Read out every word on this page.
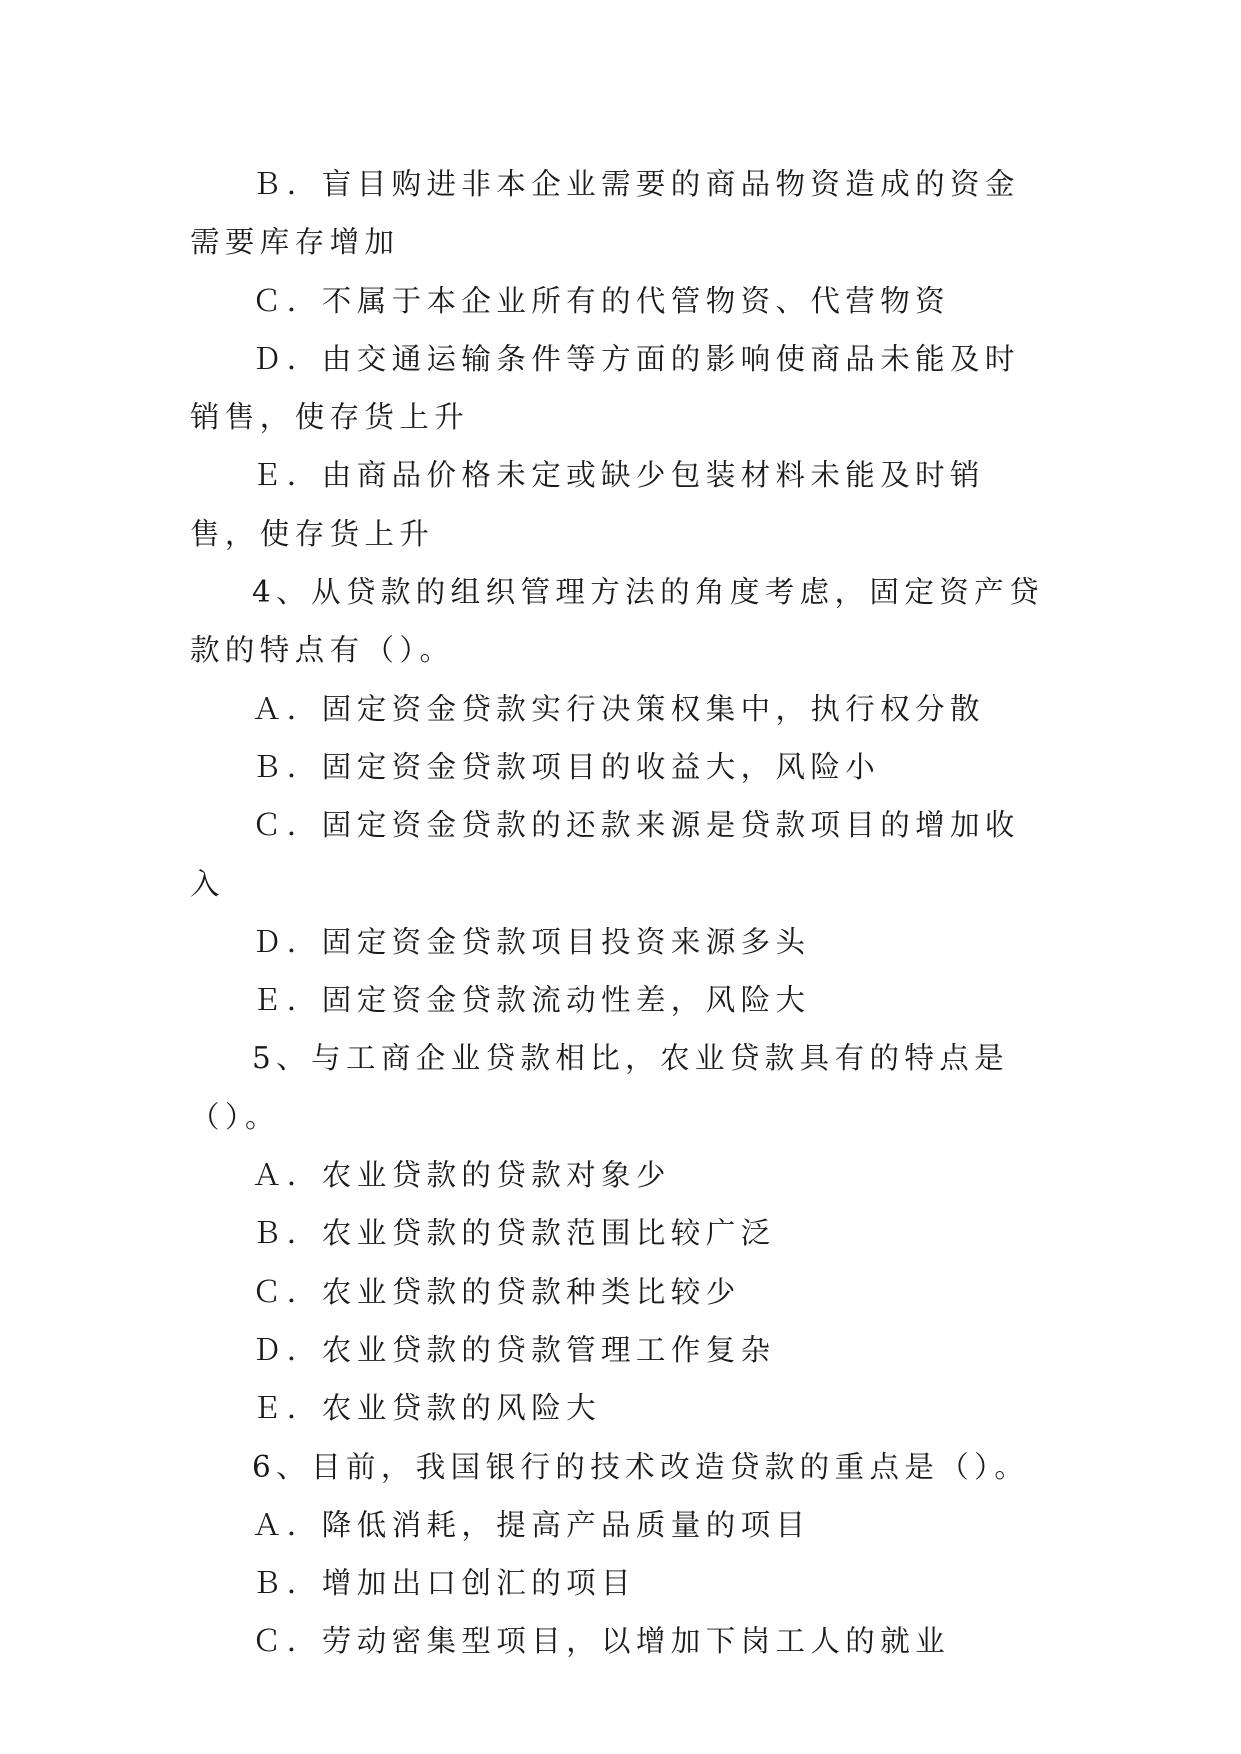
Ｂ．盲目购进非本企业需要的商品物资造成的资金需要库存增加

Ｃ．不属于本企业所有的代管物资、代营物资

Ｄ．由交通运输条件等方面的影响使商品未能及时销售，使存货上升

Ｅ．由商品价格未定或缺少包装材料未能及时销售，使存货上升

4、从贷款的组织管理方法的角度考虑，固定资产贷款的特点有（）。

Ａ．固定资金贷款实行决策权集中，执行权分散

Ｂ．固定资金贷款项目的收益大，风险小

Ｃ．固定资金贷款的还款来源是贷款项目的增加收入

Ｄ．固定资金贷款项目投资来源多头

Ｅ．固定资金贷款流动性差，风险大

5、与工商企业贷款相比，农业贷款具有的特点是（）。

Ａ．农业贷款的贷款对象少

Ｂ．农业贷款的贷款范围比较广泛

Ｃ．农业贷款的贷款种类比较少

Ｄ．农业贷款的贷款管理工作复杂

Ｅ．农业贷款的风险大

6、目前，我国银行的技术改造贷款的重点是（）。

Ａ．降低消耗，提高产品质量的项目

Ｂ．增加出口创汇的项目

Ｃ．劳动密集型项目，以增加下岗工人的就业
